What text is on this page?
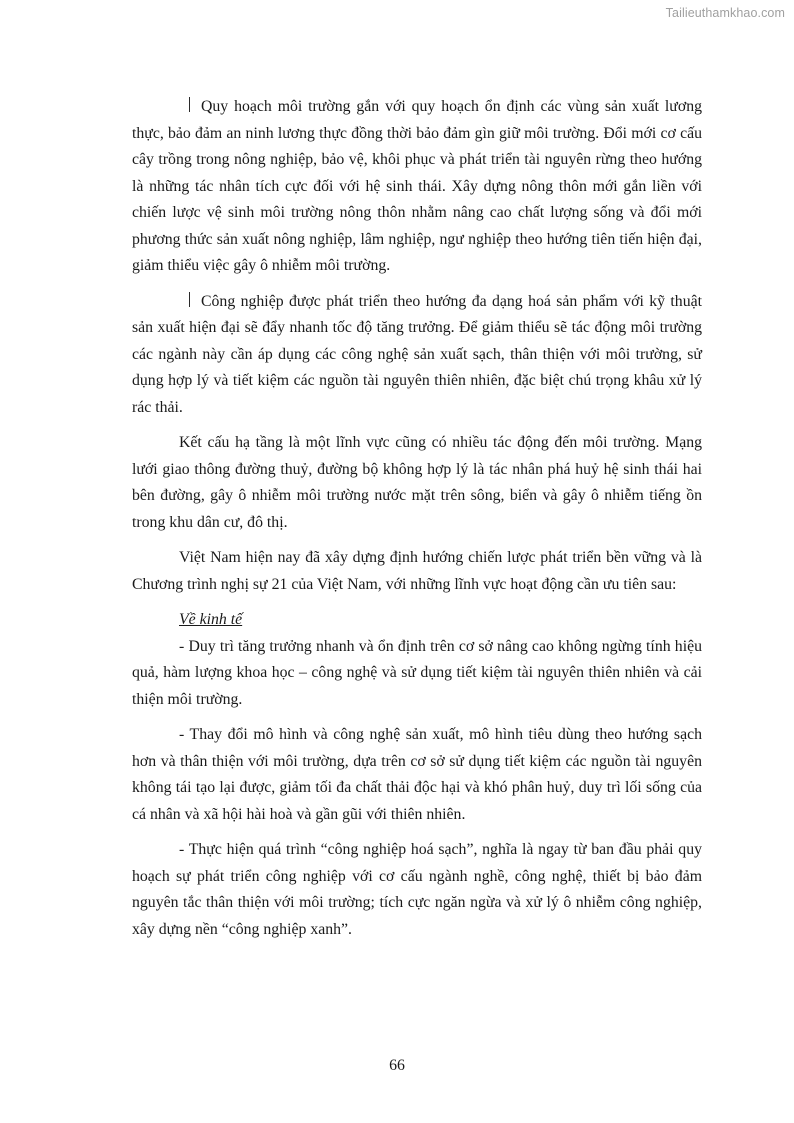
Tailieuthamkhao.com

Quy hoạch môi trường gắn với quy hoạch ổn định các vùng sản xuất lương thực, bảo đảm an ninh lương thực đồng thời bảo đảm gìn giữ môi trường. Đổi mới cơ cấu cây trồng trong nông nghiệp, bảo vệ, khôi phục và phát triển tài nguyên rừng theo hướng là những tác nhân tích cực đối với hệ sinh thái. Xây dựng nông thôn mới gắn liền với chiến lược vệ sinh môi trường nông thôn nhằm nâng cao chất lượng sống và đổi mới phương thức sản xuất nông nghiệp, lâm nghiệp, ngư nghiệp theo hướng tiên tiến hiện đại, giảm thiểu việc gây ô nhiễm môi trường.

Công nghiệp được phát triển theo hướng đa dạng hoá sản phẩm với kỹ thuật sản xuất hiện đại sẽ đẩy nhanh tốc độ tăng trưởng. Để giảm thiểu sẽ tác động môi trường các ngành này cần áp dụng các công nghệ sản xuất sạch, thân thiện với môi trường, sử dụng hợp lý và tiết kiệm các nguồn tài nguyên thiên nhiên, đặc biệt chú trọng khâu xử lý rác thải.

Kết cấu hạ tầng là một lĩnh vực cũng có nhiều tác động đến môi trường. Mạng lưới giao thông đường thuỷ, đường bộ không hợp lý là tác nhân phá huỷ hệ sinh thái hai bên đường, gây ô nhiễm môi trường nước mặt trên sông, biển và gây ô nhiễm tiếng ồn trong khu dân cư, đô thị.

Việt Nam hiện nay đã xây dựng định hướng chiến lược phát triển bền vững và là Chương trình nghị sự 21 của Việt Nam, với những lĩnh vực hoạt động cần ưu tiên sau:

Về kinh tế

- Duy trì tăng trưởng nhanh và ổn định trên cơ sở nâng cao không ngừng tính hiệu quả, hàm lượng khoa học – công nghệ và sử dụng tiết kiệm tài nguyên thiên nhiên và cải thiện môi trường.

- Thay đổi mô hình và công nghệ sản xuất, mô hình tiêu dùng theo hướng sạch hơn và thân thiện với môi trường, dựa trên cơ sở sử dụng tiết kiệm các nguồn tài nguyên không tái tạo lại được, giảm tối đa chất thải độc hại và khó phân huỷ, duy trì lối sống của cá nhân và xã hội hài hoà và gần gũi với thiên nhiên.

- Thực hiện quá trình “công nghiệp hoá sạch”, nghĩa là ngay từ ban đầu phải quy hoạch sự phát triển công nghiệp với cơ cấu ngành nghề, công nghệ, thiết bị bảo đảm nguyên tắc thân thiện với môi trường; tích cực ngăn ngừa và xử lý ô nhiễm công nghiệp, xây dựng nền “công nghiệp xanh”.

66
